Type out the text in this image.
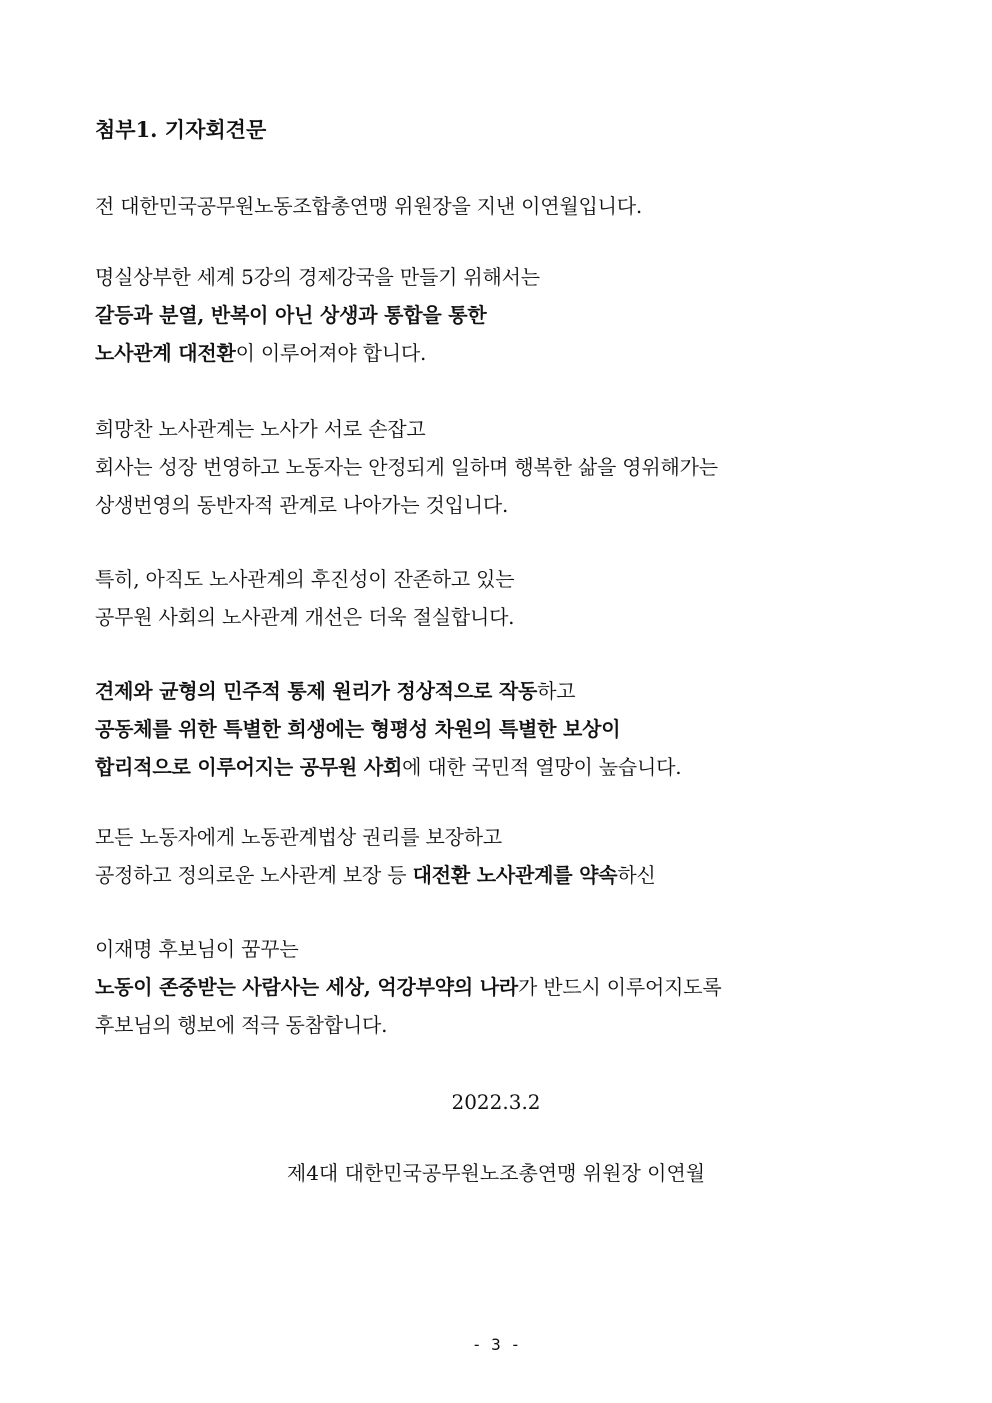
첨부1. 기자회견문
전 대한민국공무원노동조합총연맹 위원장을 지낸 이연월입니다.
명실상부한 세계 5강의 경제강국을 만들기 위해서는
갈등과 분열, 반복이 아닌 상생과 통합을 통한
노사관계 대전환이 이루어져야 합니다.
희망찬 노사관계는 노사가 서로 손잡고
회사는 성장 번영하고 노동자는 안정되게 일하며 행복한 삶을 영위해가는
상생번영의 동반자적 관계로 나아가는 것입니다.
특히, 아직도 노사관계의 후진성이 잔존하고 있는
공무원 사회의 노사관계 개선은 더욱 절실합니다.
견제와 균형의 민주적 통제 원리가 정상적으로 작동하고
공동체를 위한 특별한 희생에는 형평성 차원의 특별한 보상이
합리적으로 이루어지는 공무원 사회에 대한 국민적 열망이 높습니다.
모든 노동자에게 노동관계법상 권리를 보장하고
공정하고 정의로운 노사관계 보장 등 대전환 노사관계를 약속하신
이재명 후보님이 꿈꾸는
노동이 존중받는 사람사는 세상, 억강부약의 나라가 반드시 이루어지도록
후보님의 행보에 적극 동참합니다.
2022.3.2
제4대 대한민국공무원노조총연맹 위원장 이연월
- 3 -
